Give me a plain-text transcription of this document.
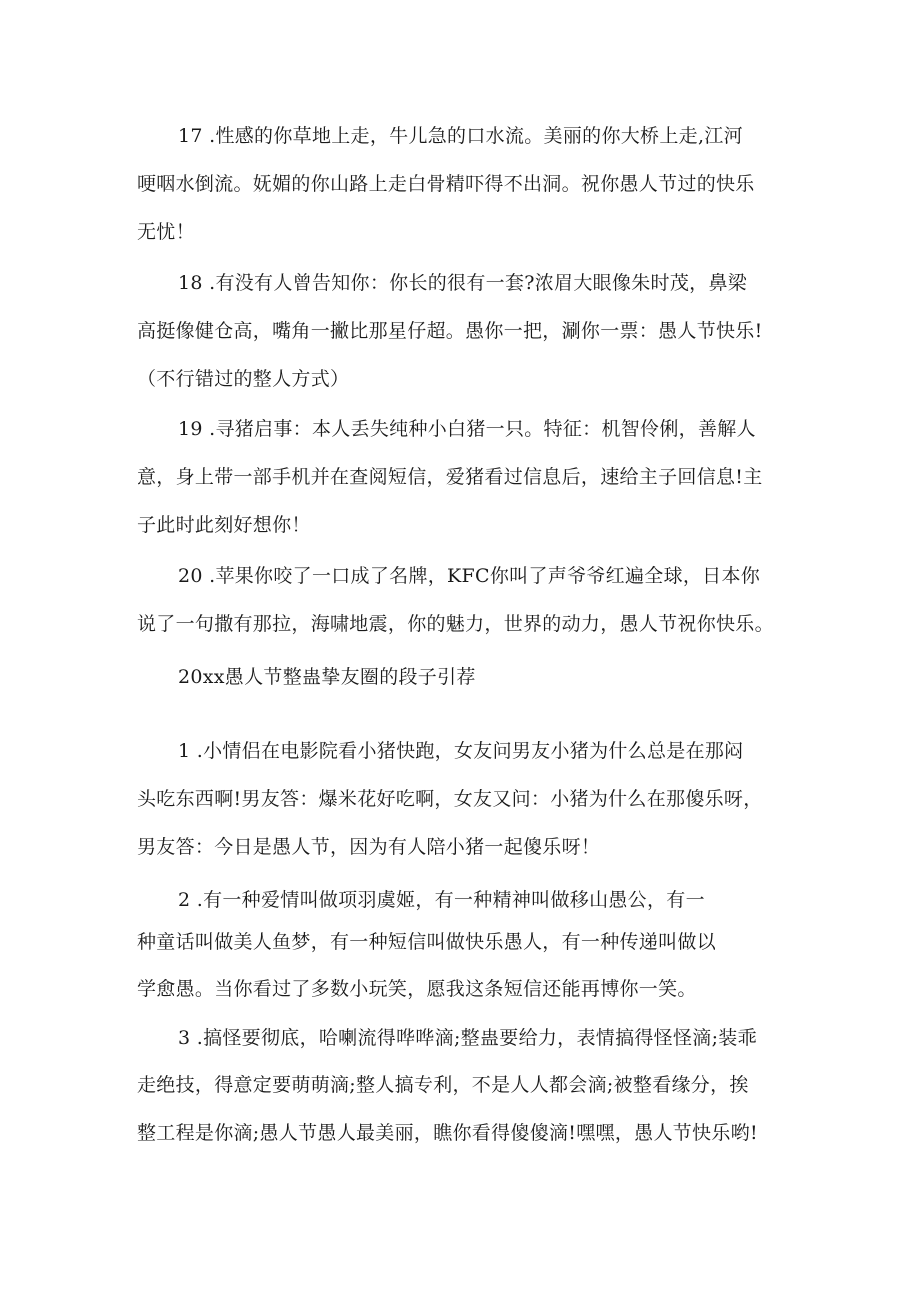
17 .性感的你草地上走，牛儿急的口水流。美丽的你大桥上走,江河
哽咽水倒流。妩媚的你山路上走白骨精吓得不出洞。祝你愚人节过的快乐
无忧！
18 .有没有人曾告知你：你长的很有一套?浓眉大眼像朱时茂，鼻梁
高挺像健仓高，嘴角一撇比那星仔超。愚你一把，涮你一票：愚人节快乐!
（不行错过的整人方式）
19 .寻猪启事：本人丢失纯种小白猪一只。特征：机智伶俐，善解人
意，身上带一部手机并在查阅短信，爱猪看过信息后，速给主子回信息!主
子此时此刻好想你！
20 .苹果你咬了一口成了名牌，KFC你叫了声爷爷红遍全球，日本你
说了一句撒有那拉，海啸地震，你的魅力，世界的动力，愚人节祝你快乐。
20xx愚人节整蛊挚友圈的段子引荐
1 .小情侣在电影院看小猪快跑，女友问男友小猪为什么总是在那闷
头吃东西啊!男友答：爆米花好吃啊，女友又问：小猪为什么在那傻乐呀，
男友答：今日是愚人节，因为有人陪小猪一起傻乐呀！
2 .有一种爱情叫做项羽虞姬，有一种精神叫做移山愚公，有一
种童话叫做美人鱼梦，有一种短信叫做快乐愚人，有一种传递叫做以
学愈愚。当你看过了多数小玩笑，愿我这条短信还能再博你一笑。
3 .搞怪要彻底，哈喇流得哗哗滴;整蛊要给力，表情搞得怪怪滴;装乖
走绝技，得意定要萌萌滴;整人搞专利，不是人人都会滴;被整看缘分，挨
整工程是你滴;愚人节愚人最美丽，瞧你看得傻傻滴!嘿嘿，愚人节快乐哟!
